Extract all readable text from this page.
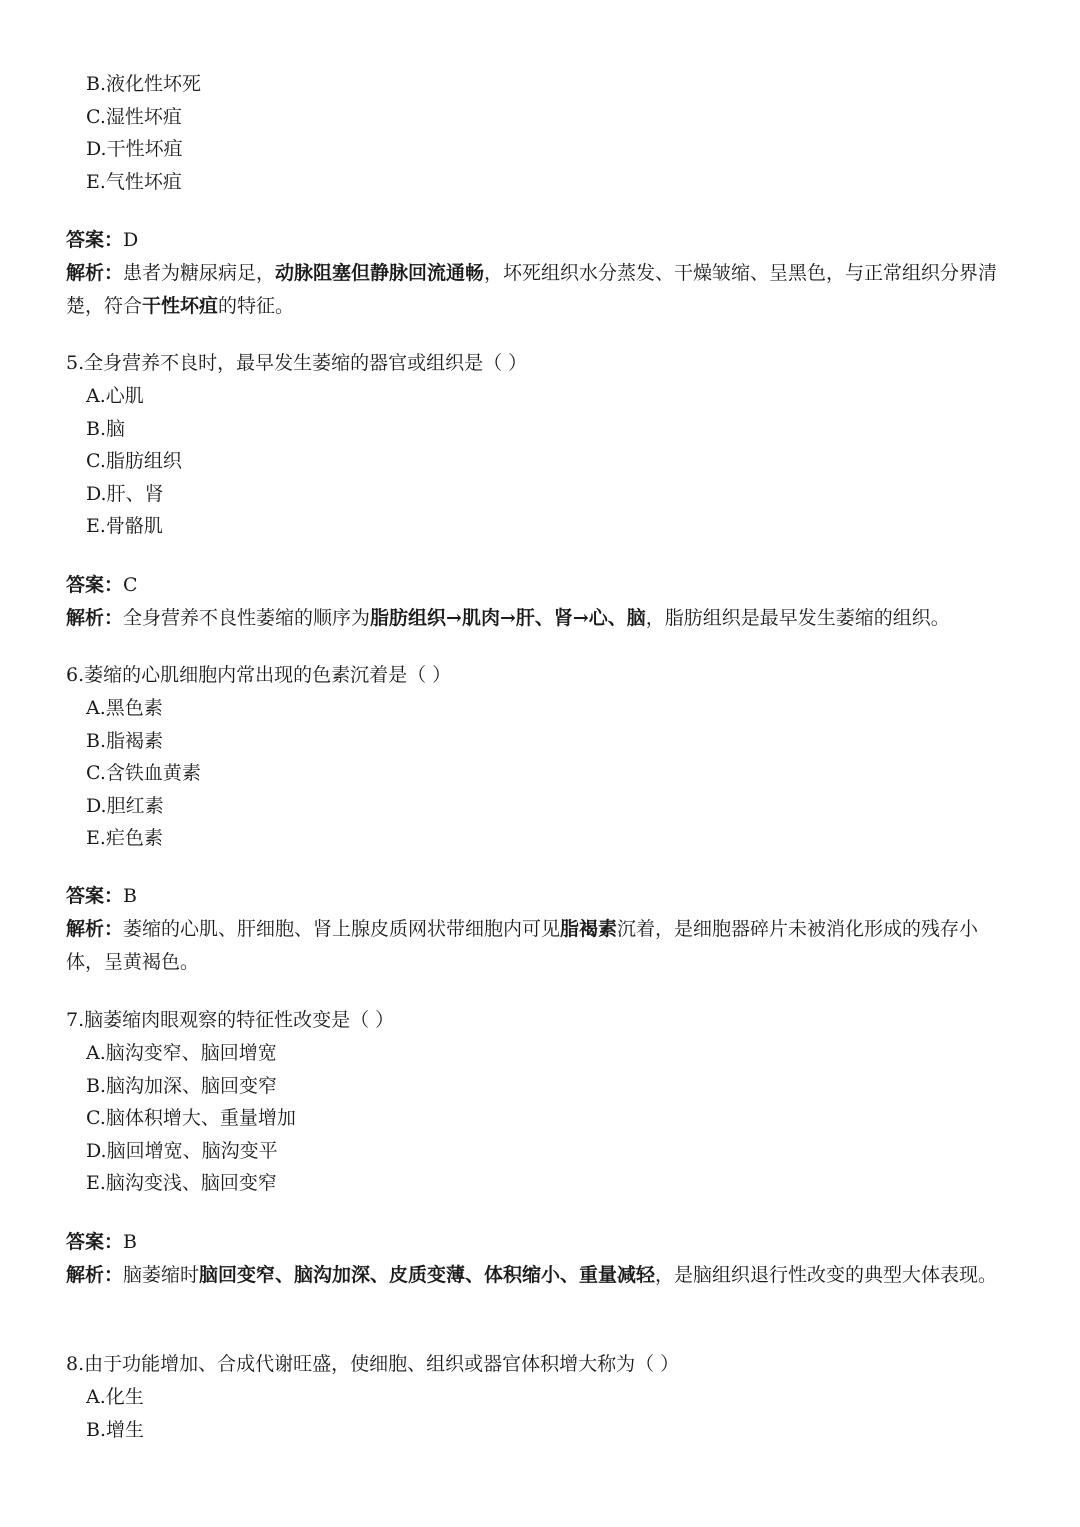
B.液化性坏死
C.湿性坏疽
D.干性坏疽
E.气性坏疽
答案：D
解析：患者为糖尿病足，动脉阻塞但静脉回流通畅，坏死组织水分蒸发、干燥皱缩、呈黑色，与正常组织分界清楚，符合干性坏疽的特征。
5.全身营养不良时，最早发生萎缩的器官或组织是（ ）
A.心肌
B.脑
C.脂肪组织
D.肝、肾
E.骨骼肌
答案：C
解析：全身营养不良性萎缩的顺序为脂肪组织→肌肉→肝、肾→心、脑，脂肪组织是最早发生萎缩的组织。
6.萎缩的心肌细胞内常出现的色素沉着是（ ）
A.黑色素
B.脂褐素
C.含铁血黄素
D.胆红素
E.疟色素
答案：B
解析：萎缩的心肌、肝细胞、肾上腺皮质网状带细胞内可见脂褐素沉着，是细胞器碎片未被消化形成的残存小体，呈黄褐色。
7.脑萎缩肉眼观察的特征性改变是（ ）
A.脑沟变窄、脑回增宽
B.脑沟加深、脑回变窄
C.脑体积增大、重量增加
D.脑回增宽、脑沟变平
E.脑沟变浅、脑回变窄
答案：B
解析：脑萎缩时脑回变窄、脑沟加深、皮质变薄、体积缩小、重量减轻，是脑组织退行性改变的典型大体表现。
8.由于功能增加、合成代谢旺盛，使细胞、组织或器官体积增大称为（ ）
A.化生
B.增生
